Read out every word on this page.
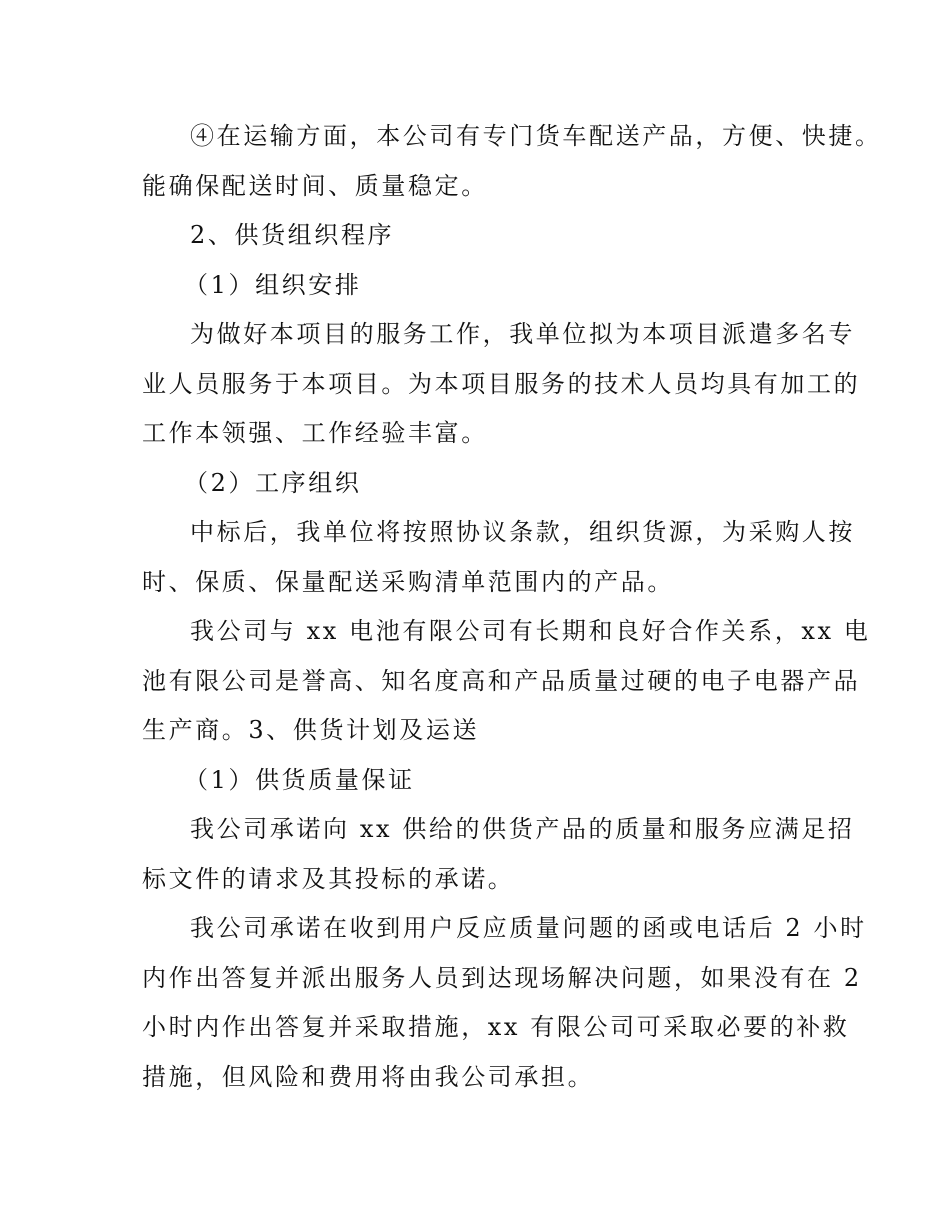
④在运输方面，本公司有专门货车配送产品，方便、快捷。
能确保配送时间、质量稳定。
2、供货组织程序
（1）组织安排
为做好本项目的服务工作，我单位拟为本项目派遣多名专
业人员服务于本项目。为本项目服务的技术人员均具有加工的
工作本领强、工作经验丰富。
（2）工序组织
中标后，我单位将按照协议条款，组织货源，为采购人按
时、保质、保量配送采购清单范围内的产品。
我公司与 xx 电池有限公司有长期和良好合作关系，xx 电
池有限公司是誉高、知名度高和产品质量过硬的电子电器产品
生产商。3、供货计划及运送
（1）供货质量保证
我公司承诺向 xx 供给的供货产品的质量和服务应满足招
标文件的请求及其投标的承诺。
我公司承诺在收到用户反应质量问题的函或电话后 2 小时
内作出答复并派出服务人员到达现场解决问题，如果没有在 2
小时内作出答复并采取措施，xx 有限公司可采取必要的补救
措施，但风险和费用将由我公司承担。
